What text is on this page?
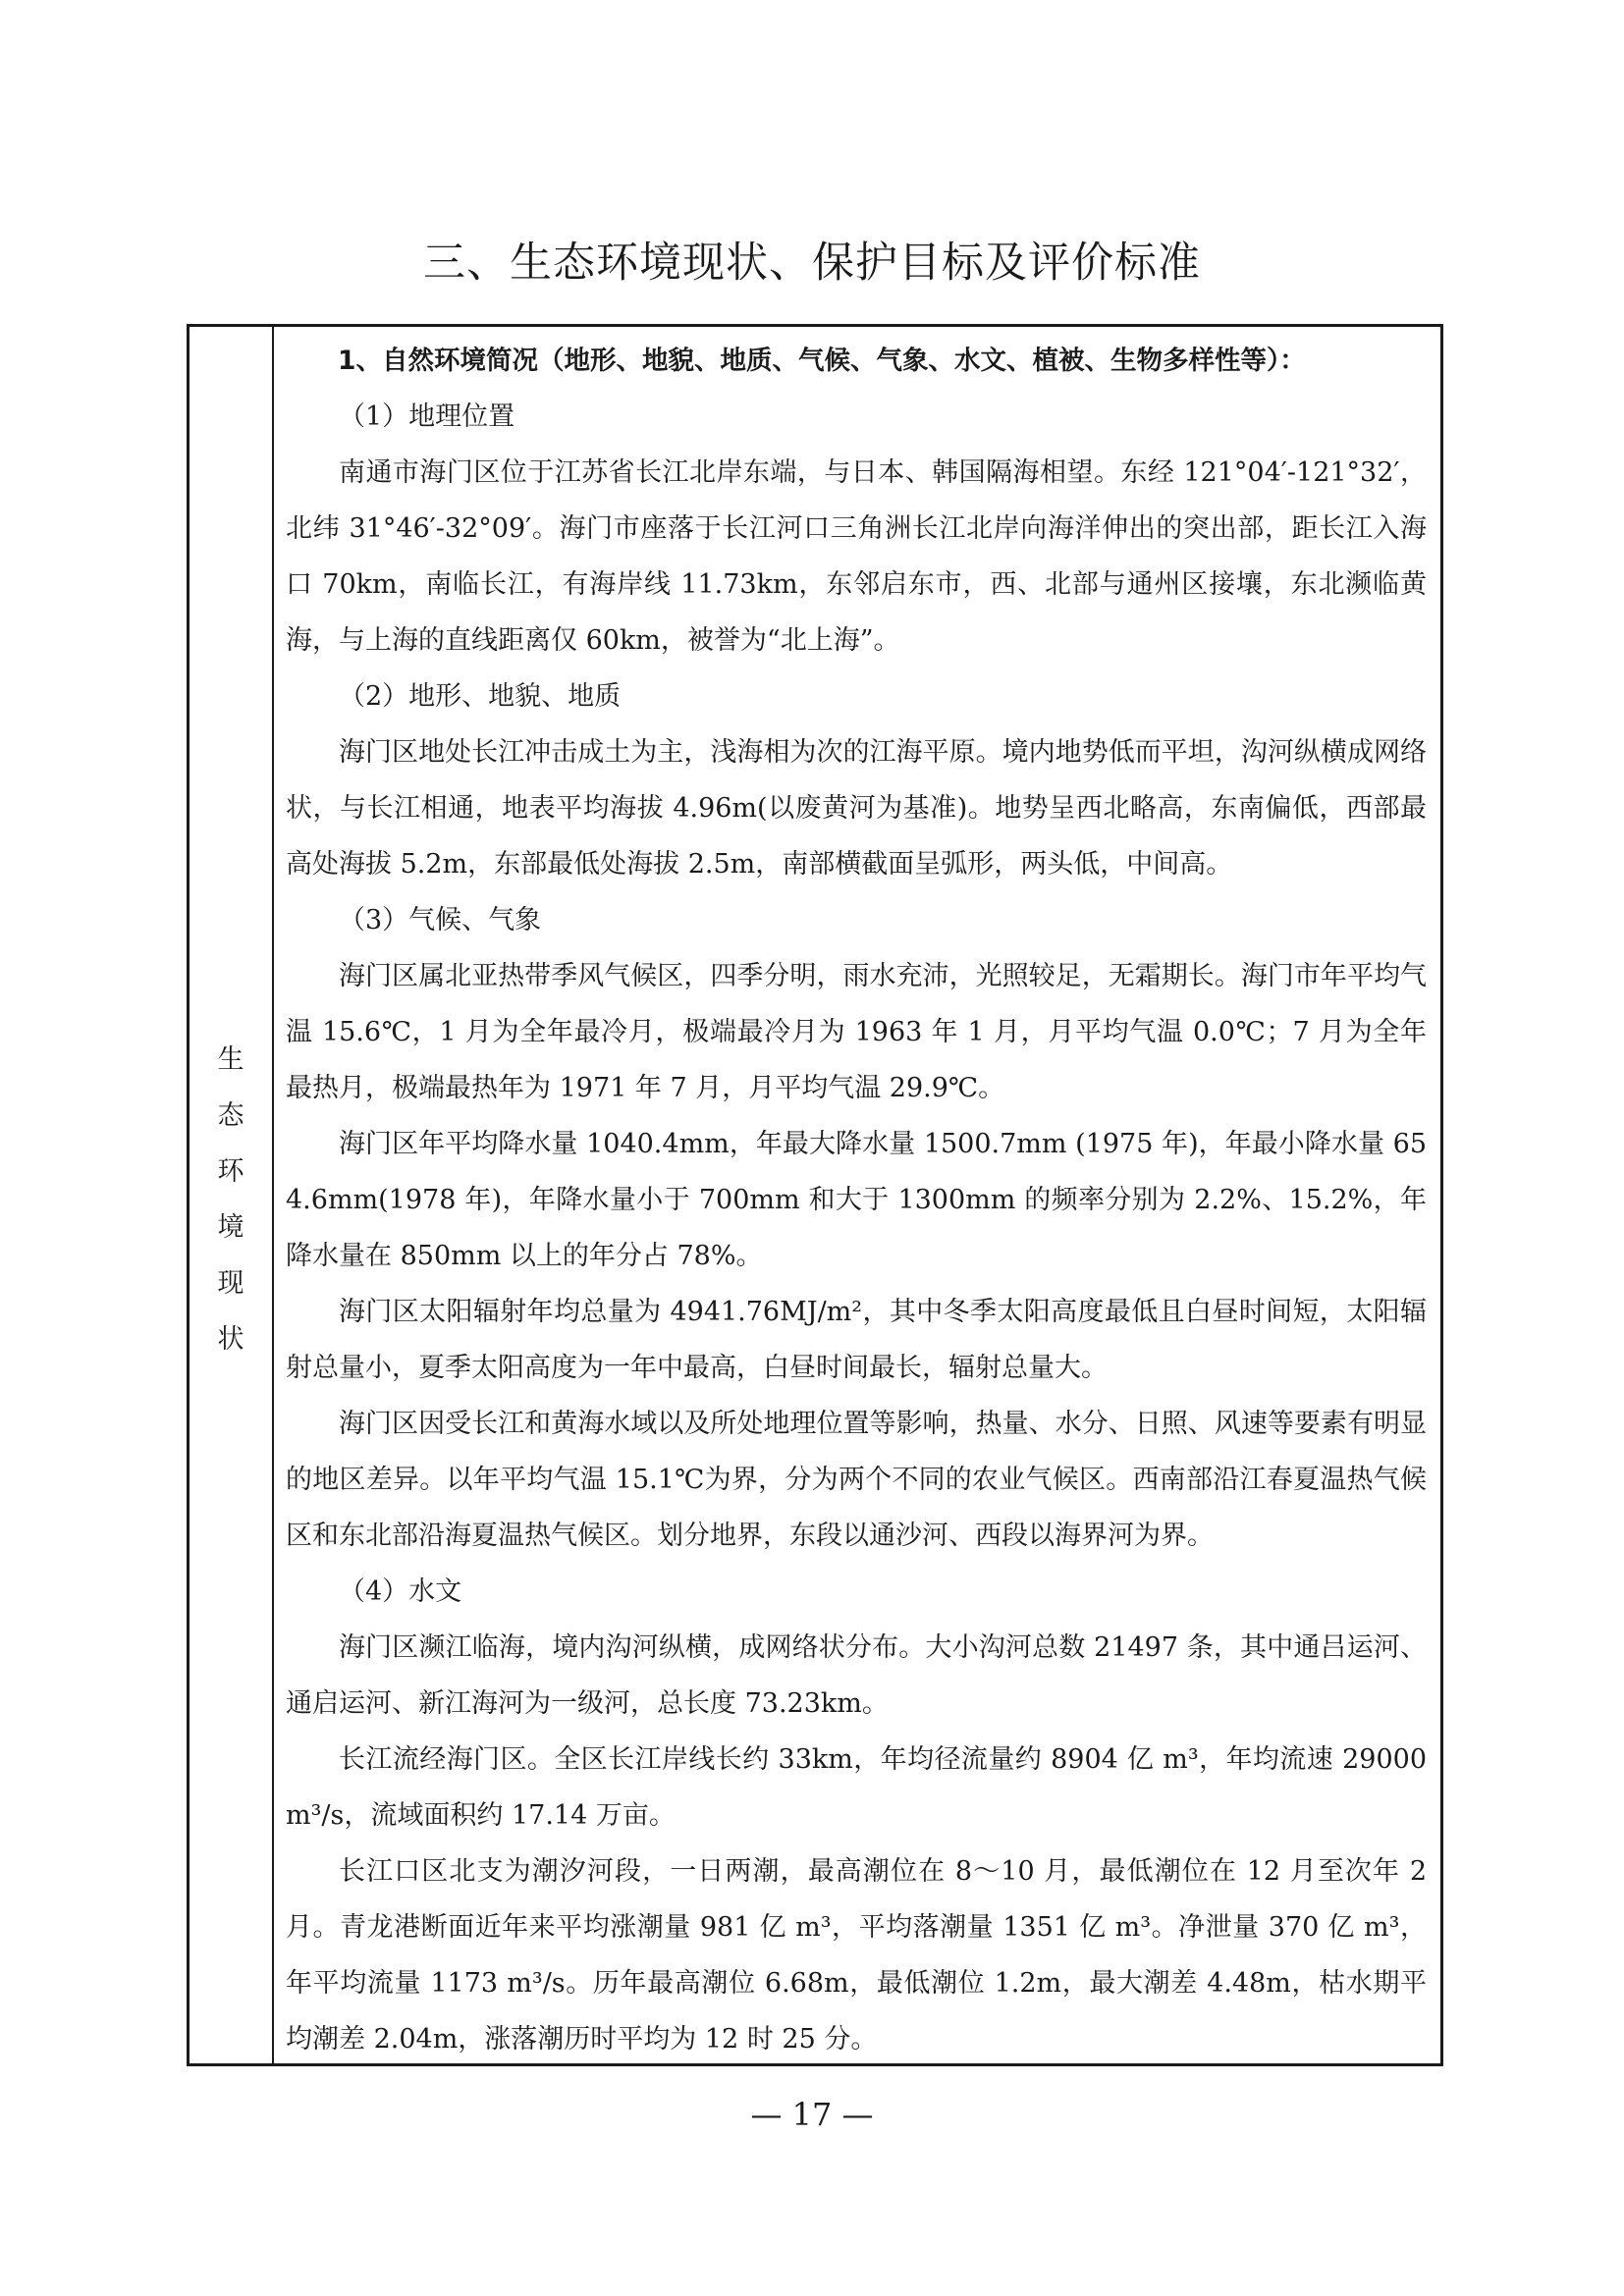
三、生态环境现状、保护目标及评价标准
生态环境现状

1、自然环境简况（地形、地貌、地质、气候、气象、水文、植被、生物多样性等）：

（1）地理位置

南通市海门区位于江苏省长江北岸东端，与日本、韩国隔海相望。东经 121°04′-121°32′，北纬 31°46′-32°09′。海门市座落于长江河口三角洲长江北岸向海洋伸出的突出部，距长江入海口 70km，南临长江，有海岸线 11.73km，东邻启东市，西、北部与通州区接壤，东北濒临黄海，与上海的直线距离仅 60km，被誉为“北上海”。

（2）地形、地貌、地质

海门区地处长江冲击成土为主，浅海相为次的江海平原。境内地势低而平坦，沟河纵横成网络状，与长江相通，地表平均海拔 4.96m(以废黄河为基准)。地势呈西北略高，东南偏低，西部最高处海拔 5.2m，东部最低处海拔 2.5m，南部横截面呈弧形，两头低，中间高。

（3）气候、气象

海门区属北亚热带季风气候区，四季分明，雨水充沛，光照较足，无霜期长。海门市年平均气温 15.6℃，1 月为全年最冷月，极端最冷月为 1963 年 1 月，月平均气温 0.0℃；7 月为全年最热月，极端最热年为 1971 年 7 月，月平均气温 29.9℃。

海门区年平均降水量 1040.4mm，年最大降水量 1500.7mm (1975 年)，年最小降水量 654.6mm(1978 年)，年降水量小于 700mm 和大于 1300mm 的频率分别为 2.2%、15.2%，年降水量在 850mm 以上的年分占 78%。

海门区太阳辐射年均总量为 4941.76MJ/m²，其中冬季太阳高度最低且白昼时间短，太阳辐射总量小，夏季太阳高度为一年中最高，白昼时间最长，辐射总量大。

海门区因受长江和黄海水域以及所处地理位置等影响，热量、水分、日照、风速等要素有明显的地区差异。以年平均气温 15.1℃为界，分为两个不同的农业气候区。西南部沿江春夏温热气候区和东北部沿海夏温热气候区。划分地界，东段以通沙河、西段以海界河为界。

（4）水文

海门区濒江临海，境内沟河纵横，成网络状分布。大小沟河总数 21497 条，其中通吕运河、通启运河、新江海河为一级河，总长度 73.23km。

长江流经海门区。全区长江岸线长约 33km，年均径流量约 8904 亿 m³，年均流速 29000m³/s，流域面积约 17.14 万亩。

长江口区北支为潮汐河段，一日两潮，最高潮位在 8～10 月，最低潮位在 12 月至次年 2 月。青龙港断面近年来平均涨潮量 981 亿 m³，平均落潮量 1351 亿 m³。净泄量 370 亿 m³，年平均流量 1173 m³/s。历年最高潮位 6.68m，最低潮位 1.2m，最大潮差 4.48m，枯水期平均潮差 2.04m，涨落潮历时平均为 12 时 25 分。

— 17 —
